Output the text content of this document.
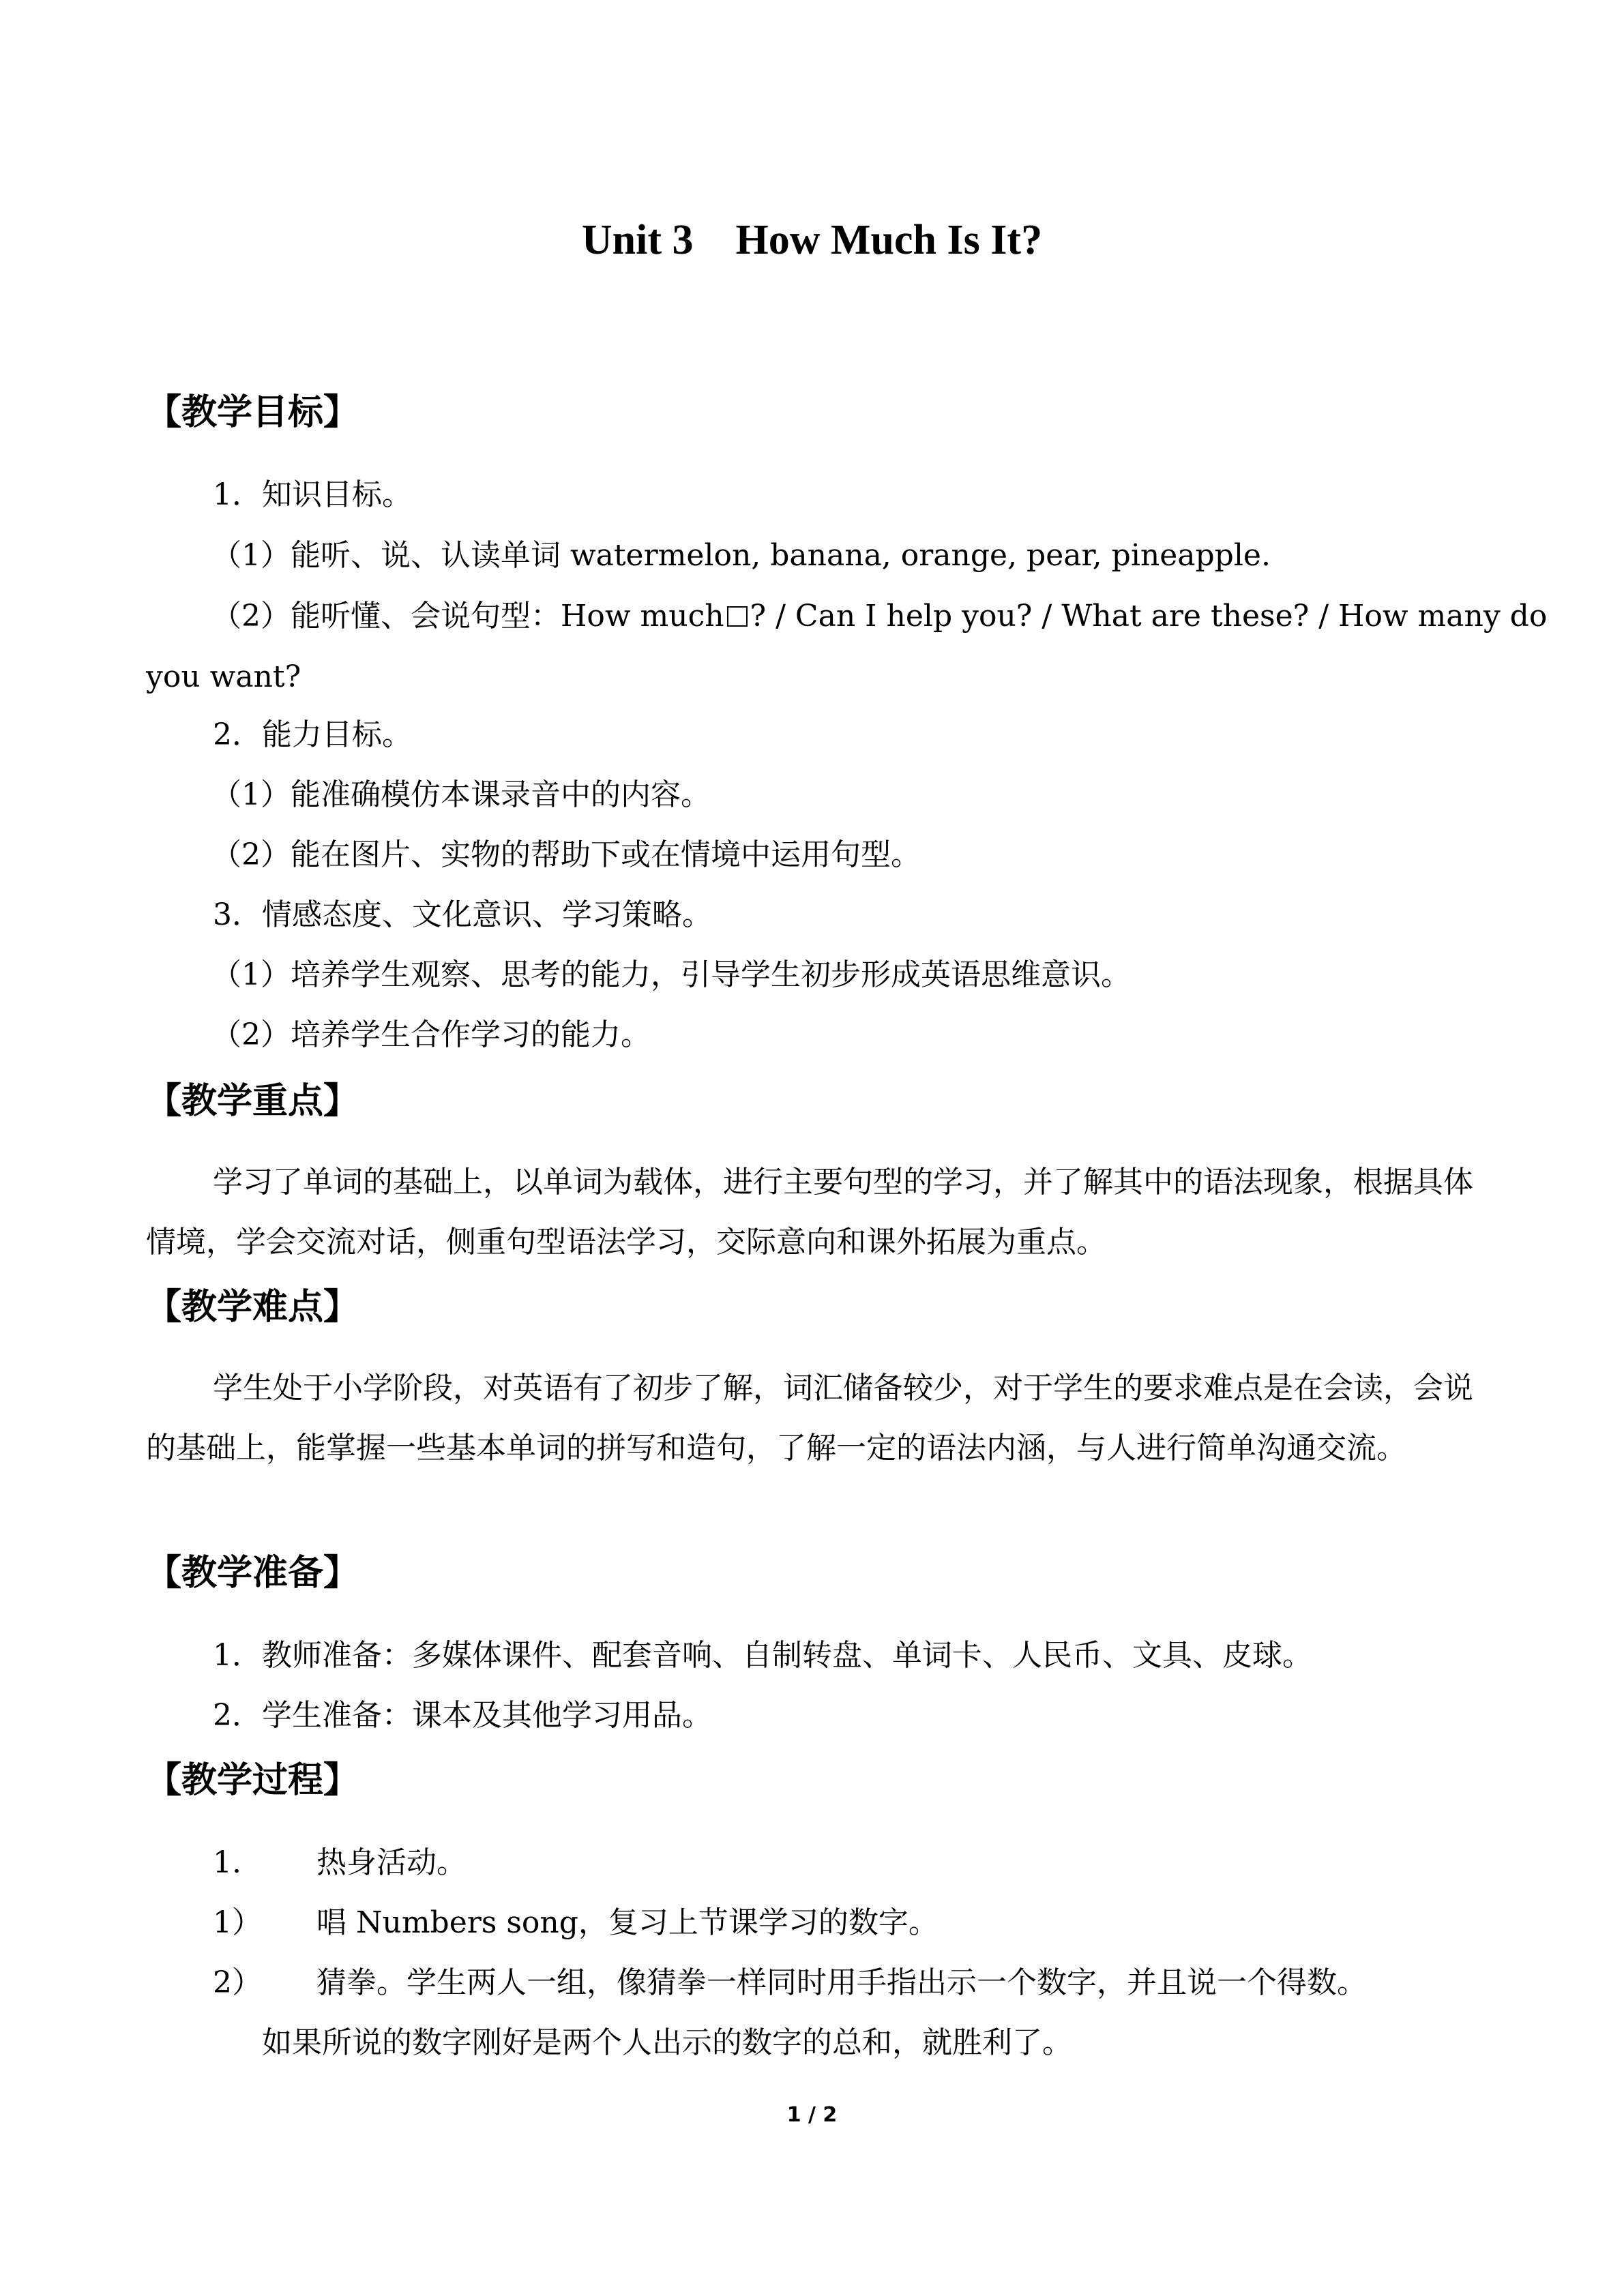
Unit 3    How Much Is It?
【教学目标】
1．知识目标。
（1）能听、说、认读单词 watermelon, banana, orange, pear, pineapple.
（2）能听懂、会说句型：How much ? / Can I help you? / What are these? / How many do
you want?
2．能力目标。
（1）能准确模仿本课录音中的内容。
（2）能在图片、实物的帮助下或在情境中运用句型。
3．情感态度、文化意识、学习策略。
（1）培养学生观察、思考的能力，引导学生初步形成英语思维意识。
（2）培养学生合作学习的能力。
【教学重点】
学习了单词的基础上，以单词为载体，进行主要句型的学习，并了解其中的语法现象，根据具体情境，学会交流对话，侧重句型语法学习，交际意向和课外拓展为重点。
【教学难点】
学生处于小学阶段，对英语有了初步了解，词汇储备较少，对于学生的要求难点是在会读，会说的基础上，能掌握一些基本单词的拼写和造句，了解一定的语法内涵，与人进行简单沟通交流。
【教学准备】
1．教师准备：多媒体课件、配套音响、自制转盘、单词卡、人民币、文具、皮球。
2．学生准备：课本及其他学习用品。
【教学过程】
1.	热身活动。
1） 唱 Numbers song，复习上节课学习的数字。
2） 猜拳。学生两人一组，像猜拳一样同时用手指出示一个数字，并且说一个得数。
如果所说的数字刚好是两个人出示的数字的总和，就胜利了。
1 / 2
